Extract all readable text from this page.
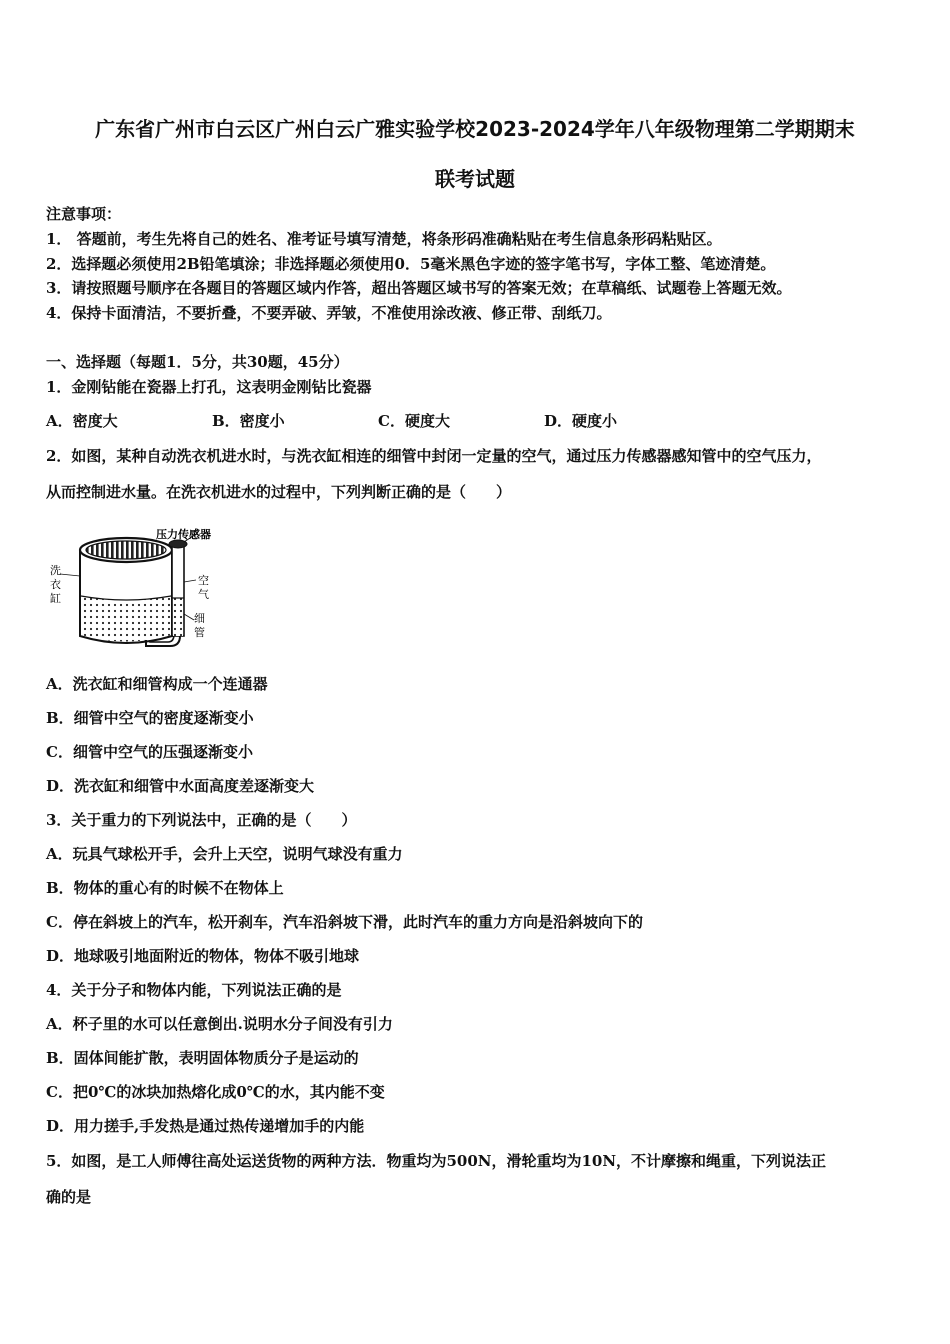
广东省广州市白云区广州白云广雅实验学校2023-2024学年八年级物理第二学期期末
联考试题
注意事项：
1． 答题前，考生先将自己的姓名、准考证号填写清楚，将条形码准确粘贴在考生信息条形码粘贴区。
2．选择题必须使用2B铅笔填涂；非选择题必须使用0．5毫米黑色字迹的签字笔书写，字体工整、笔迹清楚。
3．请按照题号顺序在各题目的答题区域内作答，超出答题区域书写的答案无效；在草稿纸、试题卷上答题无效。
4．保持卡面清洁，不要折叠，不要弄破、弄皱，不准使用涂改液、修正带、刮纸刀。
一、选择题（每题1．5分，共30题，45分）
1．金刚钻能在瓷器上打孔，这表明金刚钻比瓷器
A．密度大	B．密度小	C．硬度大	D．硬度小
2．如图，某种自动洗衣机进水时，与洗衣缸相连的细管中封闭一定量的空气，通过压力传感器感知管中的空气压力，
从而控制进水量。在洗衣机进水的过程中，下列判断正确的是（　　）
压力传感器
洗
衣
缸
空
气
细
管
A．洗衣缸和细管构成一个连通器
B．细管中空气的密度逐渐变小
C．细管中空气的压强逐渐变小
D．洗衣缸和细管中水面高度差逐渐变大
3．关于重力的下列说法中，正确的是（　　）
A．玩具气球松开手，会升上天空，说明气球没有重力
B．物体的重心有的时候不在物体上
C．停在斜坡上的汽车，松开刹车，汽车沿斜坡下滑，此时汽车的重力方向是沿斜坡向下的
D．地球吸引地面附近的物体，物体不吸引地球
4．关于分子和物体内能，下列说法正确的是
A．杯子里的水可以任意倒出.说明水分子间没有引力
B．固体间能扩散，表明固体物质分子是运动的
C．把0℃的冰块加热熔化成0℃的水，其内能不变
D．用力搓手,手发热是通过热传递增加手的内能
5．如图，是工人师傅往高处运送货物的两种方法．物重均为500N，滑轮重均为10N，不计摩擦和绳重，下列说法正
确的是
